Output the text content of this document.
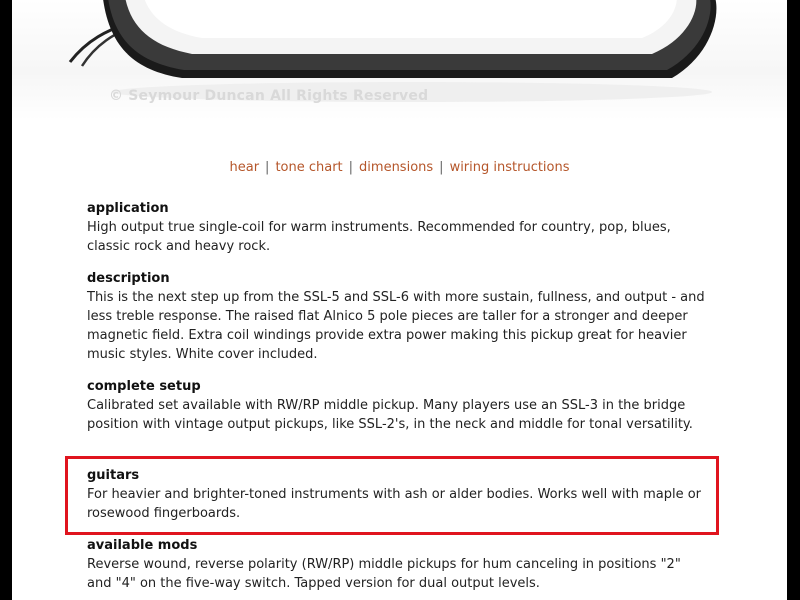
© Seymour Duncan All Rights Reserved
hear | tone chart | dimensions | wiring instructions
application

High output true single-coil for warm instruments. Recommended for country, pop, blues, classic rock and heavy rock.

description

This is the next step up from the SSL-5 and SSL-6 with more sustain, fullness, and output - and less treble response. The raised flat Alnico 5 pole pieces are taller for a stronger and deeper magnetic field. Extra coil windings provide extra power making this pickup great for heavier music styles. White cover included.

complete setup

Calibrated set available with RW/RP middle pickup. Many players use an SSL-3 in the bridge position with vintage output pickups, like SSL-2's, in the neck and middle for tonal versatility.

guitars

For heavier and brighter-toned instruments with ash or alder bodies. Works well with maple or rosewood fingerboards.

available mods

Reverse wound, reverse polarity (RW/RP) middle pickups for hum canceling in positions "2" and "4" on the five-way switch. Tapped version for dual output levels.
